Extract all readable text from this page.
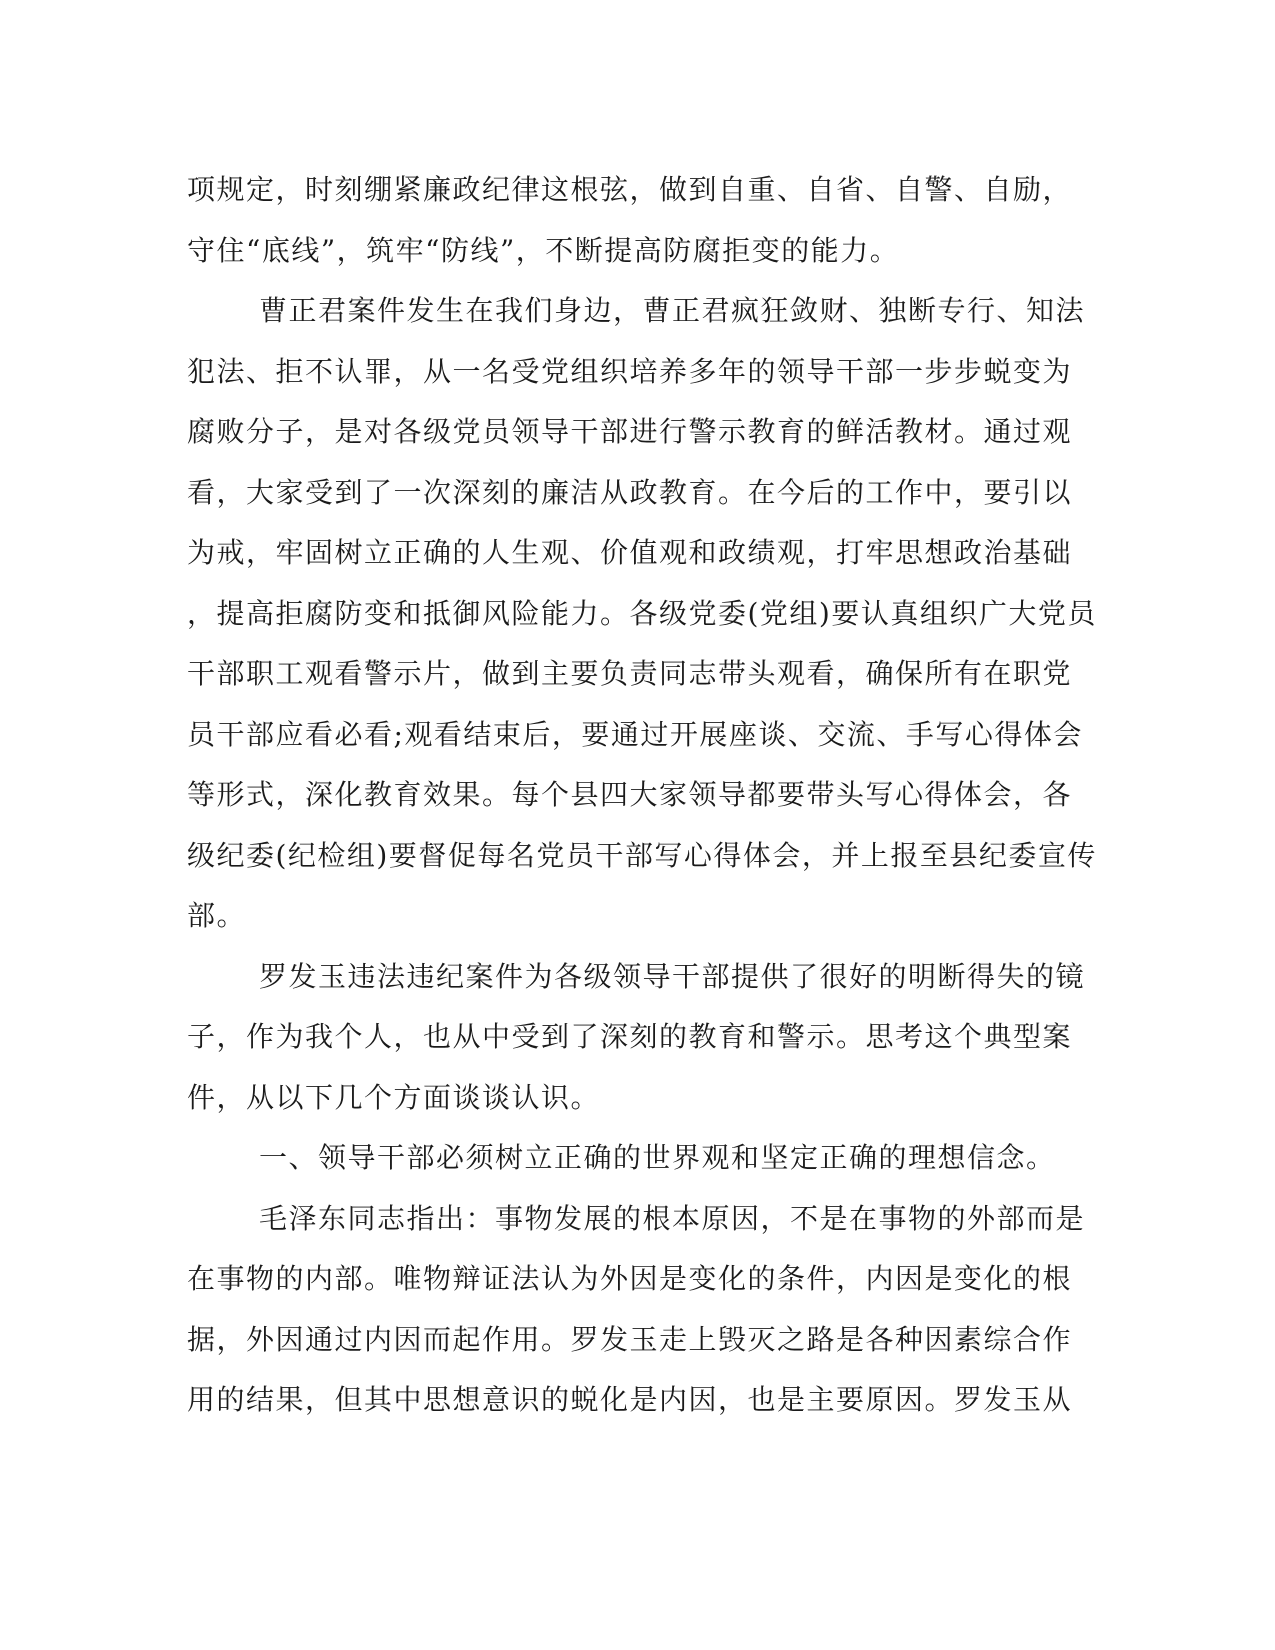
项规定，时刻绷紧廉政纪律这根弦，做到自重、自省、自警、自励，
守住“底线”，筑牢“防线”，不断提高防腐拒变的能力。
曹正君案件发生在我们身边，曹正君疯狂敛财、独断专行、知法
犯法、拒不认罪，从一名受党组织培养多年的领导干部一步步蜕变为
腐败分子，是对各级党员领导干部进行警示教育的鲜活教材。通过观
看，大家受到了一次深刻的廉洁从政教育。在今后的工作中，要引以
为戒，牢固树立正确的人生观、价值观和政绩观，打牢思想政治基础
，提高拒腐防变和抵御风险能力。各级党委(党组)要认真组织广大党员
干部职工观看警示片，做到主要负责同志带头观看，确保所有在职党
员干部应看必看;观看结束后，要通过开展座谈、交流、手写心得体会
等形式，深化教育效果。每个县四大家领导都要带头写心得体会，各
级纪委(纪检组)要督促每名党员干部写心得体会，并上报至县纪委宣传
部。
罗发玉违法违纪案件为各级领导干部提供了很好的明断得失的镜
子，作为我个人，也从中受到了深刻的教育和警示。思考这个典型案
件，从以下几个方面谈谈认识。
一、领导干部必须树立正确的世界观和坚定正确的理想信念。
毛泽东同志指出：事物发展的根本原因，不是在事物的外部而是
在事物的内部。唯物辩证法认为外因是变化的条件，内因是变化的根
据，外因通过内因而起作用。罗发玉走上毁灭之路是各种因素综合作
用的结果，但其中思想意识的蜕化是内因，也是主要原因。罗发玉从
